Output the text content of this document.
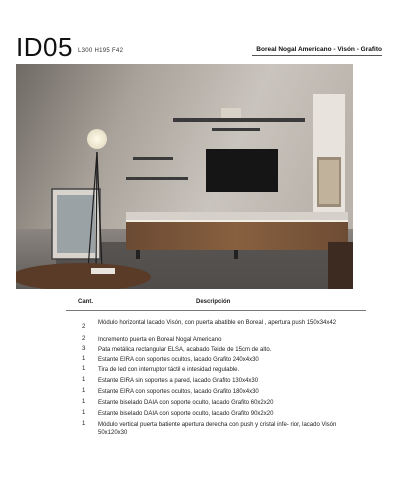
ID05 L300 H195 F42	Boreal Nogal Americano - Visón - Grafito
Cant.	Descripción
2
Módulo horizontal lacado Visón, con puerta abatible en Boreal , apertura push 150x34x42
2 Incremento puerta en Boreal Nogal Americano
3 Pata metálica rectangular ELSA, acabado Teide de 15cm de alto.
1 Estante EIRA con soportes ocultos, lacado Grafito 240x4x30
1 Tira de led con interruptor táctil e intesidad regulable.
1 Estante EIRA sin soportes a pared, lacado Grafito 130x4x30
1 Estante EIRA con soportes ocultos, lacado Grafito 180x4x30
1 Estante biselado DAIA con soporte oculto, lacado Grafito 60x2x20
1 Estante biselado DAIA con soporte oculto, lacado Grafito 90x2x20
1 Módulo vertical puerta batiente apertura derecha con push y cristal infe- rior, lacado Visón 50x120x30
